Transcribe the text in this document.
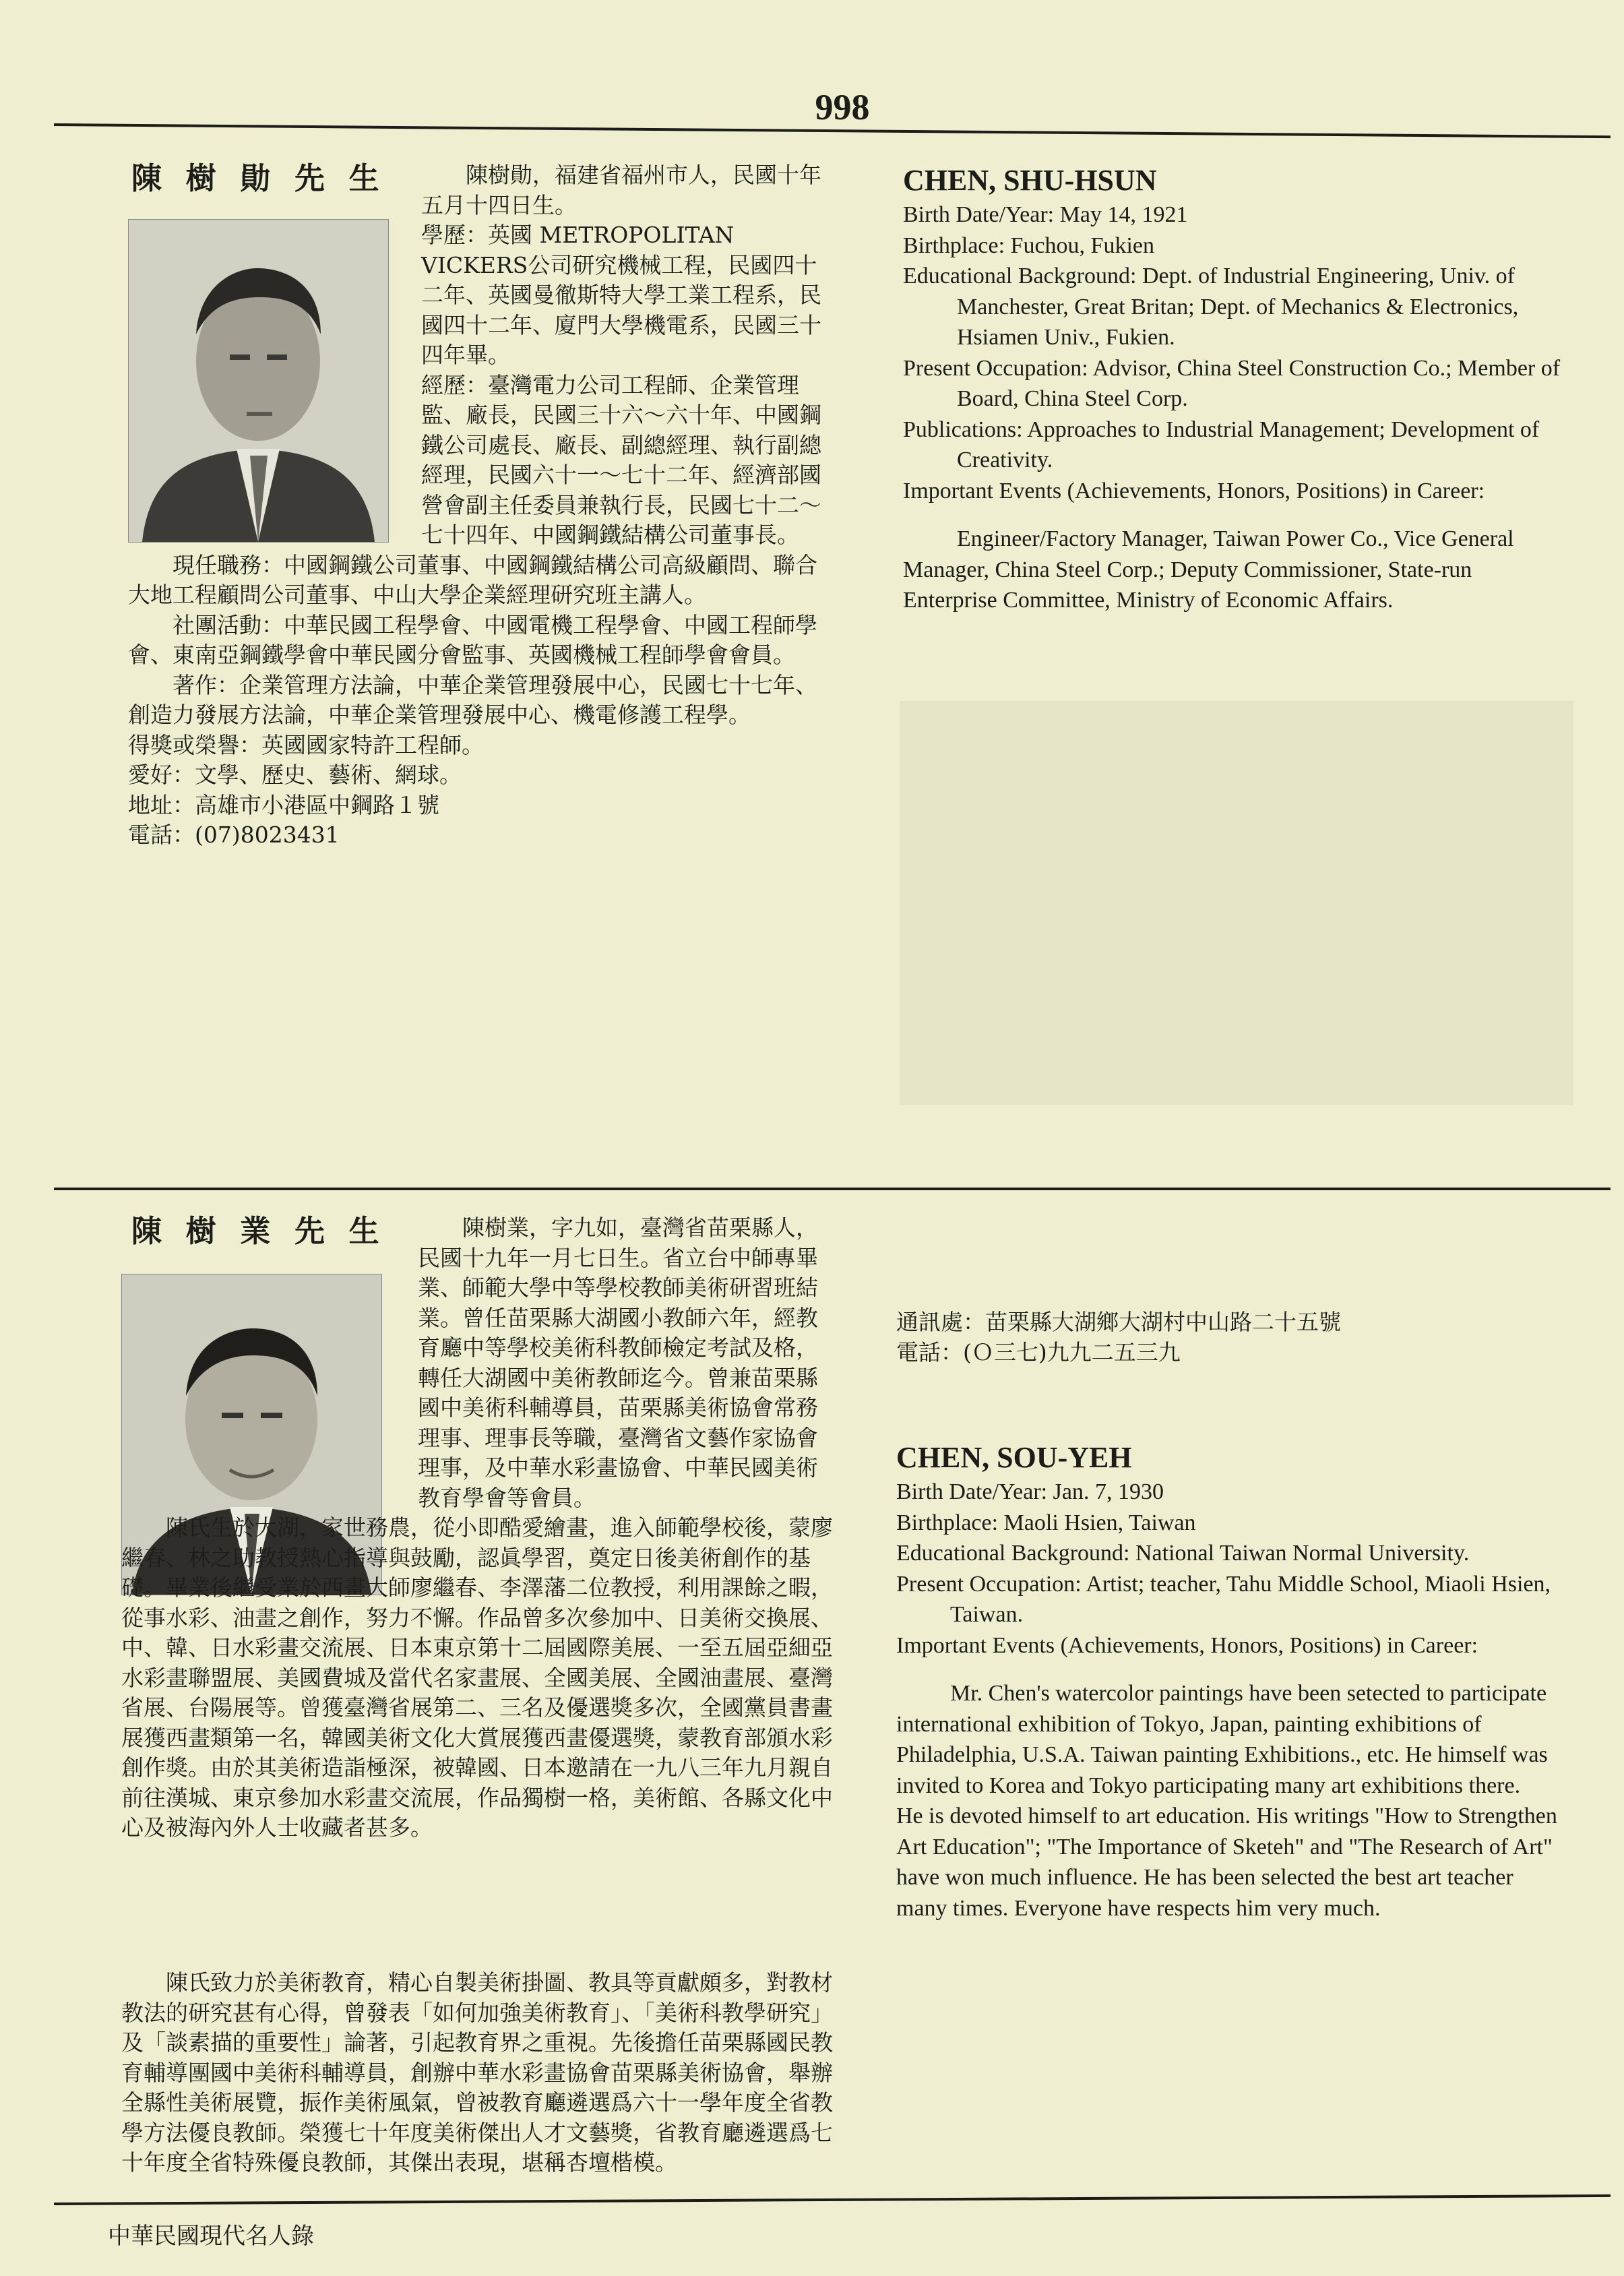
998
陳 樹 勛 先 生	陳樹勛，福建省福州市人，民國十年五月十四日生。

學歷：英國 METROPOLITAN VICKERS公司研究機械工程，民國四十二年、英國曼徹斯特大學工業工程系，民國四十二年、廈門大學機電系，民國三十四年畢。

經歷：臺灣電力公司工程師、企業管理監、廠長，民國三十六～六十年、中國鋼鐵公司處長、廠長、副總經理、執行副總經理，民國六十一～七十二年、經濟部國營會副主任委員兼執行長，民國七十二～七十四年、中國鋼鐵結構公司董事長。

現任職務：中國鋼鐵公司董事、中國鋼鐵結構公司高級顧問、聯合大地工程顧問公司董事、中山大學企業經理研究班主講人。

社團活動：中華民國工程學會、中國電機工程學會、中國工程師學會、東南亞鋼鐵學會中華民國分會監事、英國機械工程師學會會員。

著作：企業管理方法論，中華企業管理發展中心，民國七十七年、創造力發展方法論，中華企業管理發展中心、機電修護工程學。

得獎或榮譽：英國國家特許工程師。

愛好：文學、歷史、藝術、網球。

地址：高雄市小港區中鋼路１號

電話：(07)8023431

CHEN, SHU-HSUN

Birth Date/Year: May 14, 1921

Birthplace: Fuchou, Fukien

Educational Background: Dept. of Industrial Engineering, Univ. of Manchester, Great Britan; Dept. of Mechanics & Electronics, Hsiamen Univ., Fukien.

Present Occupation: Advisor, China Steel Construction Co.; Member of Board, China Steel Corp.

Publications: Approaches to Industrial Management; Development of Creativity.

Important Events (Achievements, Honors, Positions) in Career:

Engineer/Factory Manager, Taiwan Power Co., Vice General Manager, China Steel Corp.; Deputy Commissioner, State-run Enterprise Committee, Ministry of Economic Affairs.

陳 樹 業 先 生	陳樹業，字九如，臺灣省苗栗縣人，民國十九年一月七日生。省立台中師專畢業、師範大學中等學校教師美術研習班結業。曾任苗栗縣大湖國小教師六年，經教育廳中等學校美術科教師檢定考試及格，轉任大湖國中美術教師迄今。曾兼苗栗縣國中美術科輔導員，苗栗縣美術協會常務理事、理事長等職，臺灣省文藝作家協會理事，及中華水彩畫協會、中華民國美術教育學會等會員。

陳氏生於大湖，家世務農，從小即酷愛繪畫，進入師範學校後，蒙廖繼春、林之助教授熱心指導與鼓勵，認眞學習，奠定日後美術創作的基礎。畢業後繼受業於西畫大師廖繼春、李澤藩二位教授，利用課餘之暇，從事水彩、油畫之創作，努力不懈。作品曾多次參加中、日美術交換展、中、韓、日水彩畫交流展、日本東京第十二屆國際美展、一至五屆亞細亞水彩畫聯盟展、美國費城及當代名家畫展、全國美展、全國油畫展、臺灣省展、台陽展等。曾獲臺灣省展第二、三名及優選獎多次，全國黨員書畫展獲西畫類第一名，韓國美術文化大賞展獲西畫優選獎，蒙教育部頒水彩創作獎。由於其美術造詣極深，被韓國、日本邀請在一九八三年九月親自前往漢城、東京參加水彩畫交流展，作品獨樹一格，美術館、各縣文化中心及被海內外人士收藏者甚多。

陳氏致力於美術教育，精心自製美術掛圖、教具等貢獻頗多，對教材教法的研究甚有心得，曾發表「如何加強美術教育」、「美術科教學研究」及「談素描的重要性」論著，引起教育界之重視。先後擔任苗栗縣國民教育輔導團國中美術科輔導員，創辦中華水彩畫協會苗栗縣美術協會，舉辦全縣性美術展覽，振作美術風氣，曾被教育廳遴選爲六十一學年度全省教學方法優良教師。榮獲七十年度美術傑出人才文藝獎，省教育廳遴選爲七十年度全省特殊優良教師，其傑出表現，堪稱杏壇楷模。

通訊處：苗栗縣大湖鄉大湖村中山路二十五號

電話：(Ｏ三七)九九二五三九

CHEN, SOU-YEH

Birth Date/Year: Jan. 7, 1930

Birthplace: Maoli Hsien, Taiwan

Educational Background: National Taiwan Normal University.

Present Occupation: Artist; teacher, Tahu Middle School, Miaoli Hsien, Taiwan.

Important Events (Achievements, Honors, Positions) in Career:

Mr. Chen's watercolor paintings have been setected to participate international exhibition of Tokyo, Japan, painting exhibitions of Philadelphia, U.S.A. Taiwan painting Exhibitions., etc. He himself was invited to Korea and Tokyo participating many art exhibitions there.

He is devoted himself to art education. His writings "How to Strengthen Art Education"; "The Importance of Sketeh" and "The Research of Art" have won much influence. He has been selected the best art teacher many times. Everyone have respects him very much.

中華民國現代名人錄
